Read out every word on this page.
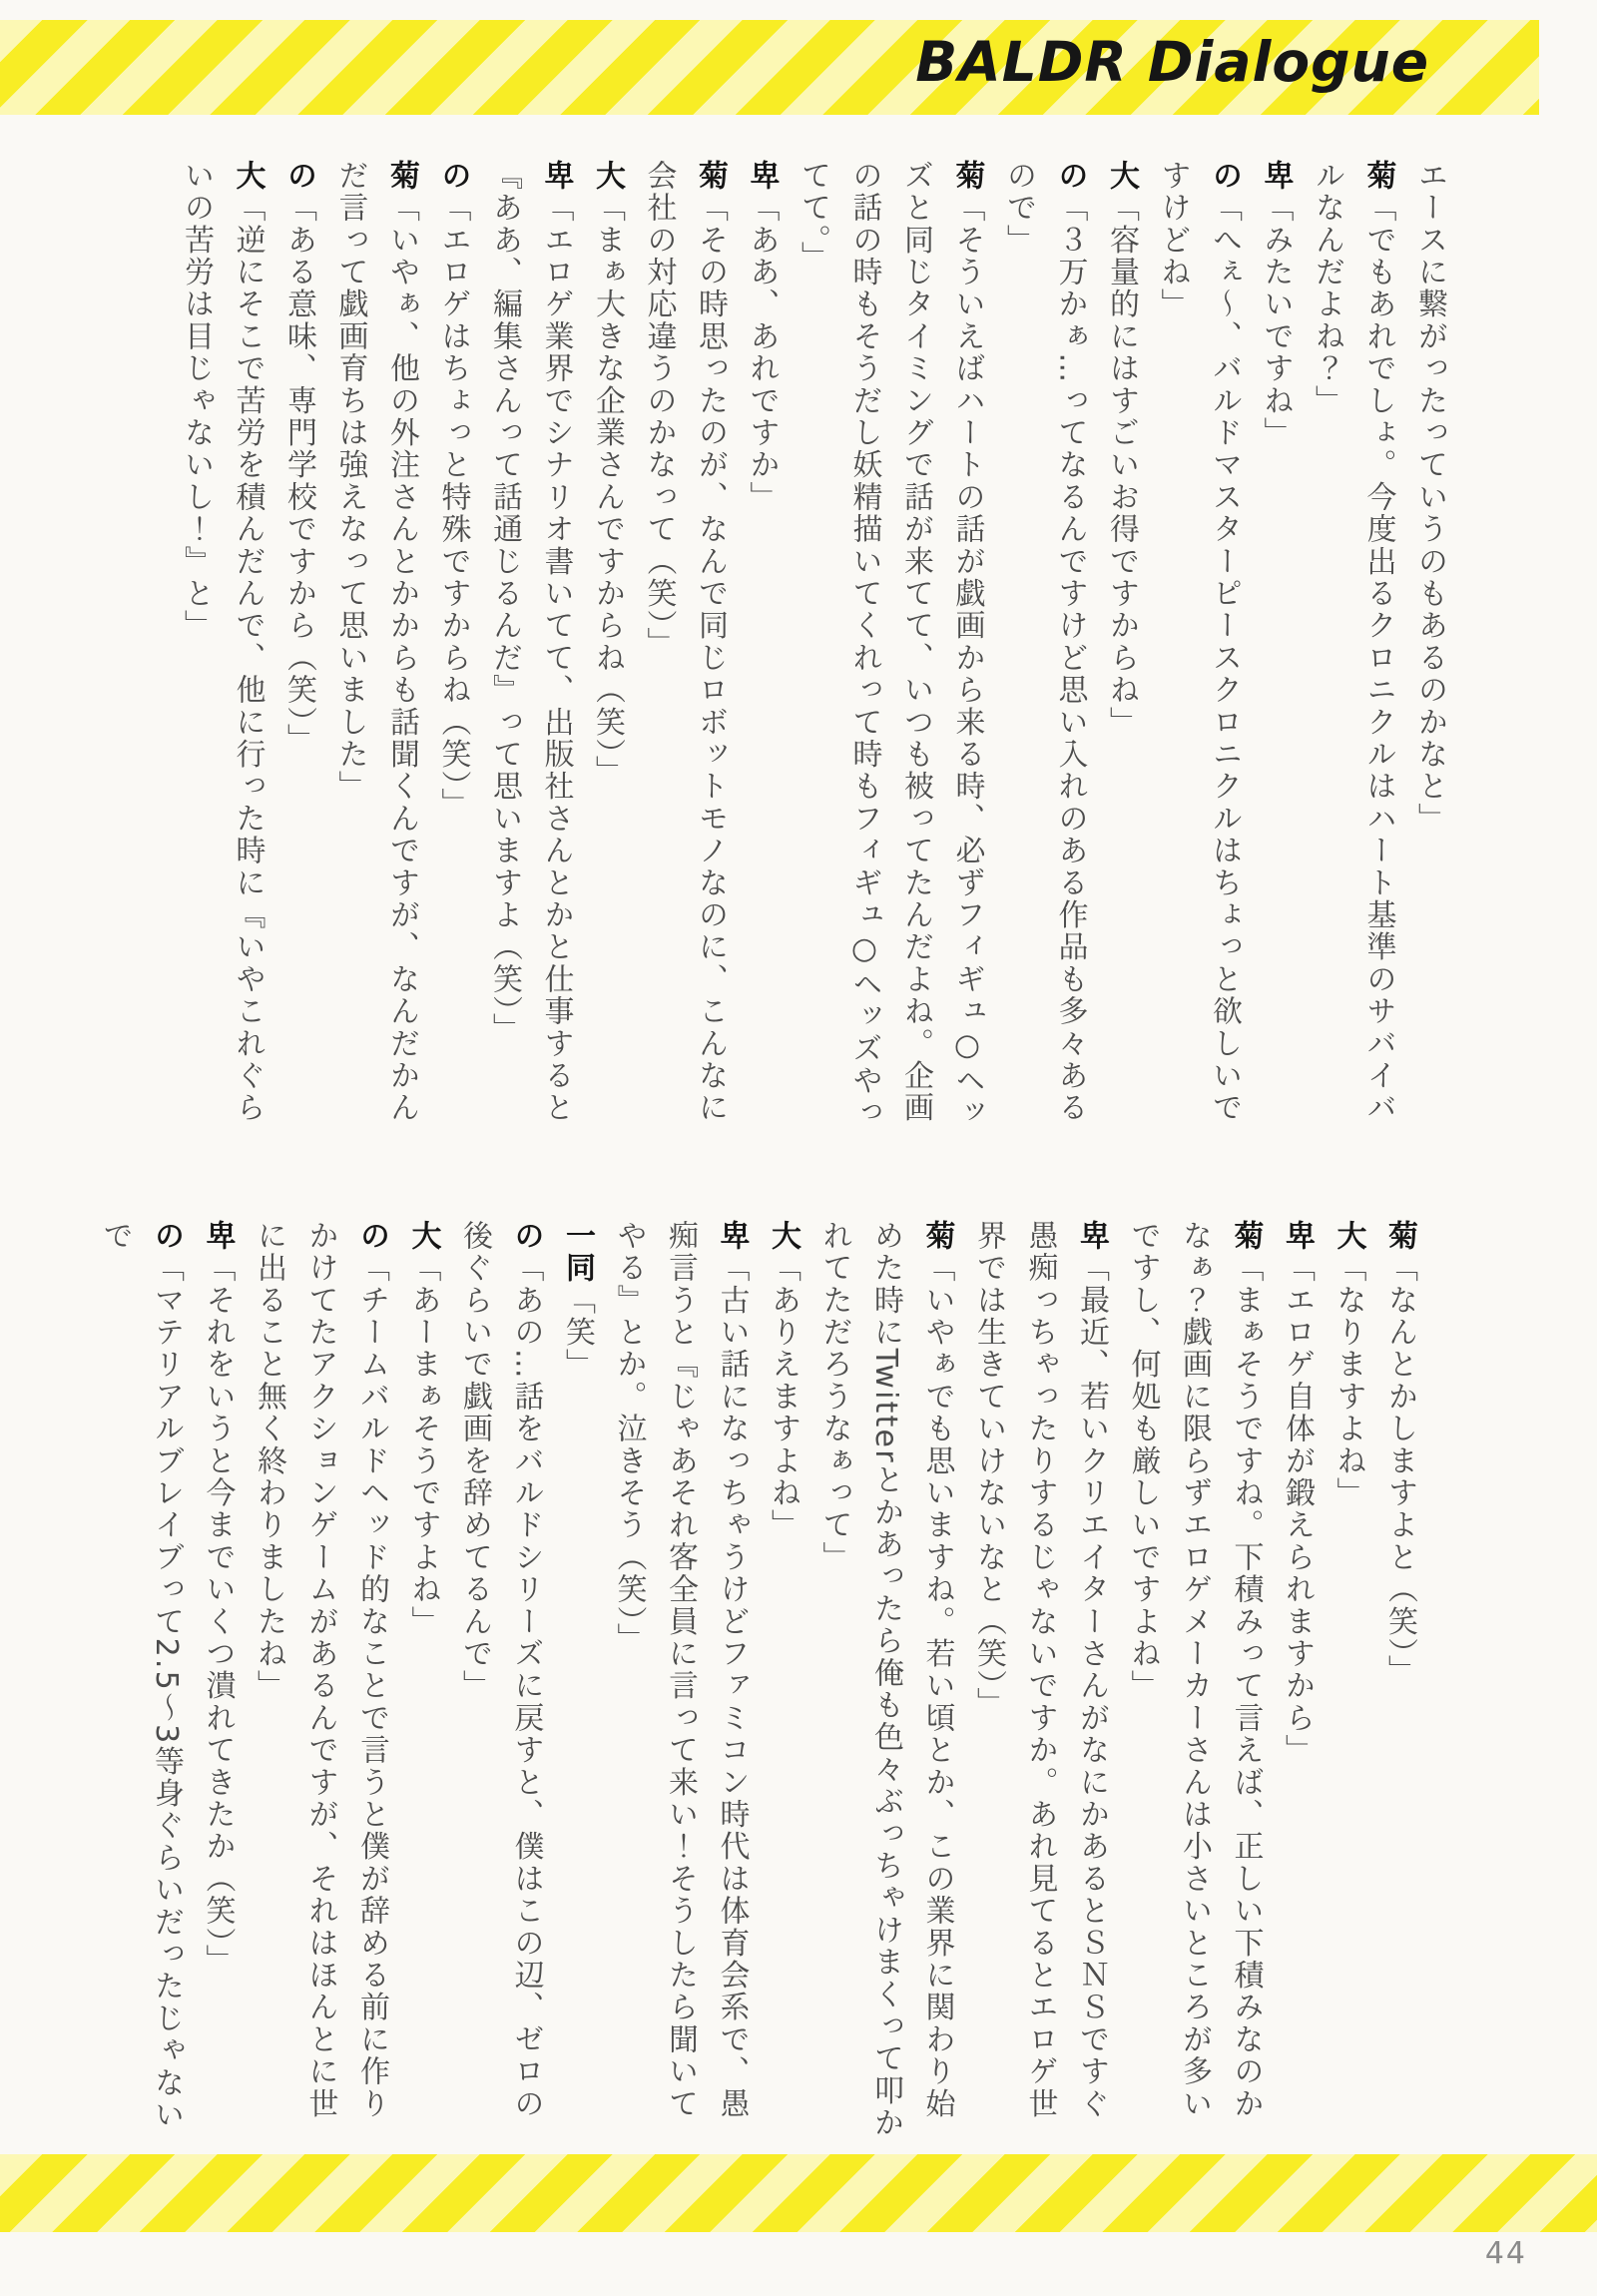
BALDR Dialogue

エースに繋がったっていうのもあるのかなと」

菊「でもあれでしょ。今度出るクロニクルはハート基準のサバイバルなんだよね？」

卑「みたいですね」

の「へぇ～、バルドマスターピースクロニクルはちょっと欲しいですけどね」

大「容量的にはすごいお得ですからね」

の「３万かぁ…ってなるんですけど思い入れのある作品も多々あるので」

菊「そういえばハートの話が戯画から来る時、必ずフィギュ○ヘッズと同じタイミングで話が来てて、いつも被ってたんだよね。企画の話の時もそうだし妖精描いてくれって時もフィギュ○ヘッズやってて。」

卑「ああ、あれですか」

菊「その時思ったのが、なんで同じロボットモノなのに、こんなに会社の対応違うのかなって（笑）」

大「まぁ大きな企業さんですからね（笑）」

卑「エロゲ業界でシナリオ書いてて、出版社さんとかと仕事すると『ああ、編集さんって話通じるんだ』って思いますよ（笑）」

の「エロゲはちょっと特殊ですからね（笑）」

菊「いやぁ、他の外注さんとかからも話聞くんですが、なんだかんだ言って戯画育ちは強えなって思いました」

の「ある意味、専門学校ですから（笑）」

大「逆にそこで苦労を積んだんで、他に行った時に『いやこれぐらいの苦労は目じゃないし！』と」

菊「なんとかしますよと（笑）」

大「なりますよね」

卑「エロゲ自体が鍛えられますから」

菊「まぁそうですね。下積みって言えば、正しい下積みなのかなぁ？戯画に限らずエロゲメーカーさんは小さいところが多いですし、何処も厳しいですよね」

卑「最近、若いクリエイターさんがなにかあるとＳＮＳですぐ愚痴っちゃったりするじゃないですか。あれ見てるとエロゲ世界では生きていけないなと（笑）」

菊「いやぁでも思いますね。若い頃とか、この業界に関わり始めた時にTwitterとかあったら俺も色々ぶっちゃけまくって叩かれてただろうなぁって」

大「ありえますよね」

卑「古い話になっちゃうけどファミコン時代は体育会系で、愚痴言うと『じゃあそれ客全員に言って来い！そうしたら聞いてやる』とか。泣きそう（笑）」

一同「笑」

の「あの…話をバルドシリーズに戻すと、僕はこの辺、ゼロの後ぐらいで戯画を辞めてるんで」

大「あーまぁそうですよね」

の「チームバルドヘッド的なことで言うと僕が辞める前に作りかけてたアクションゲームがあるんですが、それはほんとに世に出ること無く終わりましたね」

卑「それをいうと今までいくつ潰れてきたか（笑）」

の「マテリアルブレイブって2.5～3等身ぐらいだったじゃないで

44
